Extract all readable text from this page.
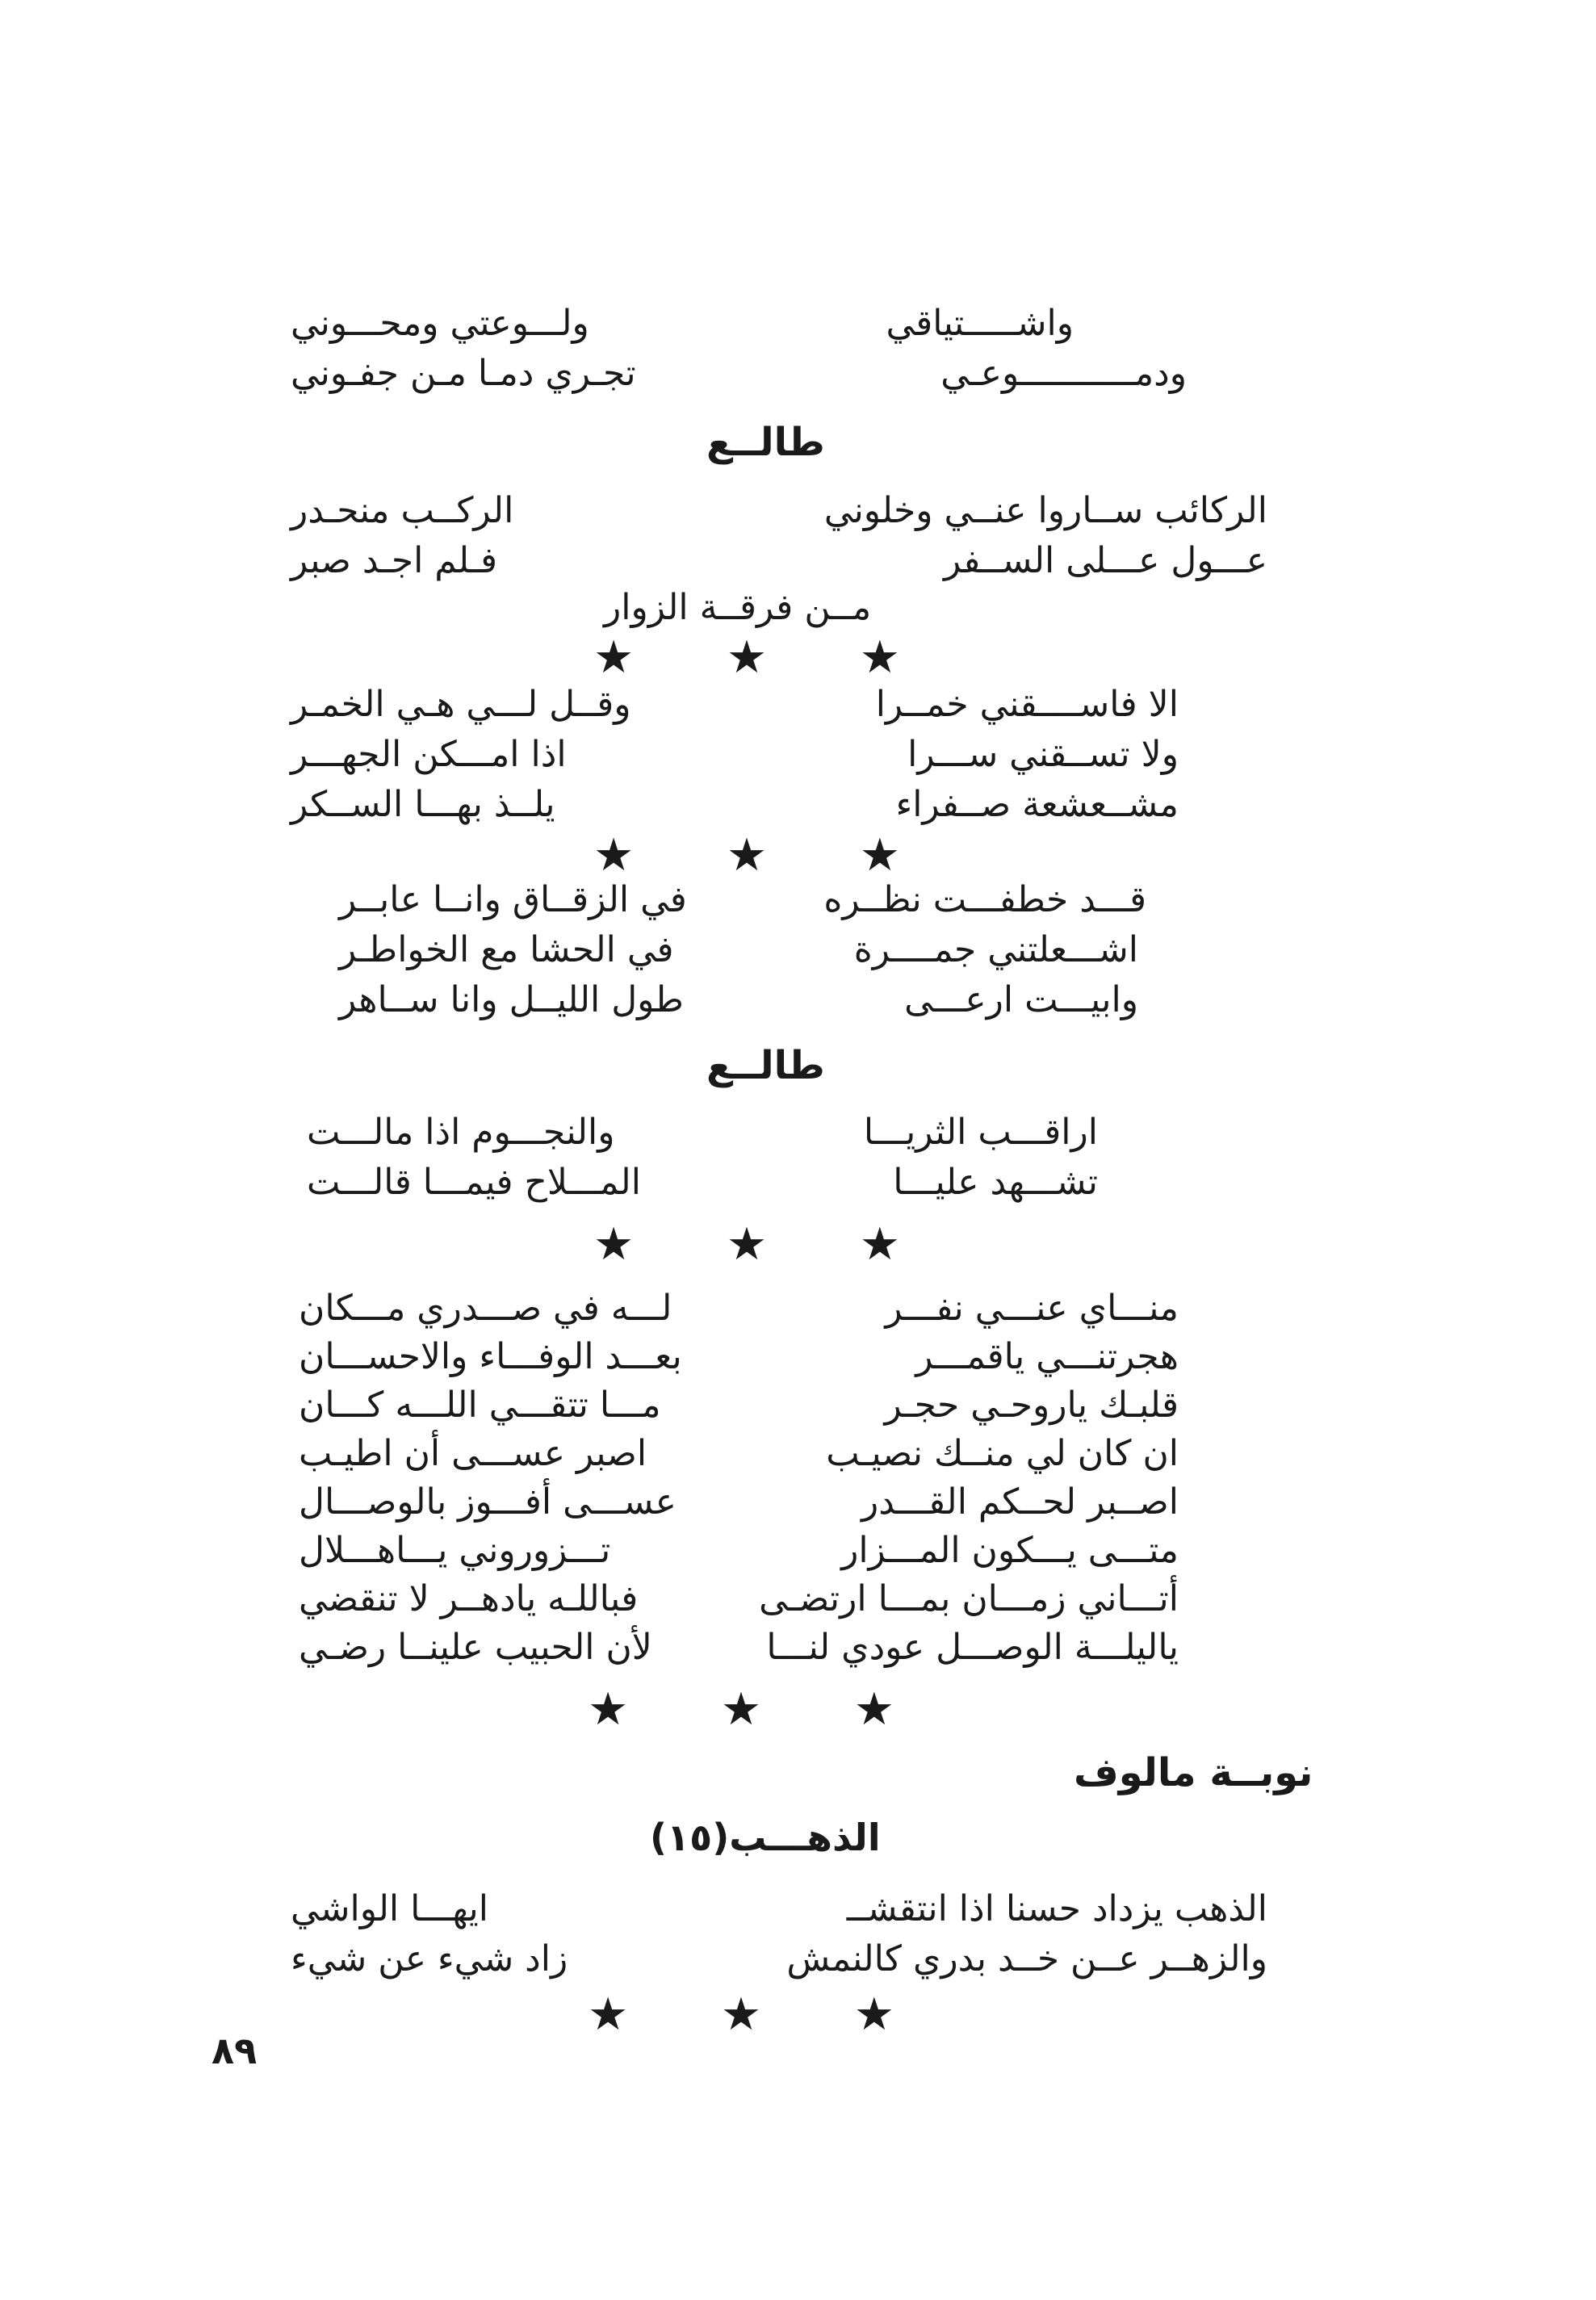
واشـــــتياقي
ولـــوعتي ومحـــوني
ودمـــــــــــوعـي
تجـري دمـا مـن جفـوني
طالــع
الركائب ســاروا عنــي وخلوني
الركــب منحـدر
عـــول عـــلى الســفر
فـلم اجـد صبر
مــن فرقــة الزوار
★ ★ ★
الا فاســــقني خمــرا
وقــل لـــي هـي الخمـر
ولا تســقني ســـرا
اذا امـــكن الجهـــر
مشــعشعة صــفراء
يلــذ بهـــا الســكر
★ ★ ★
قـــد خطفـــت نظــره
في الزقــاق وانــا عابــر
اشـــعلتني جمــــرة
في الحشا مع الخواطـر
وابيـــت ارعـــى
طول الليــل وانا ســاهر
طالــع
اراقـــب الثريـــا
والنجـــوم اذا مالـــت
تشـــهد عليـــا
المـــلاح فيمـــا قالـــت
★ ★ ★
منـــاي عنـــي نفـــر
لـــه في صـــدري مـــكان
هجرتنـــي ياقمـــر
بعـــد الوفـــاء والاحســـان
قلبـك ياروحـي حجـر
مـــا تتقـــي اللـــه كـــان
ان كان لي منــك نصيـب
اصبر عســـى أن اطيـب
اصــبر لحــكم القـــدر
عســـى أفـــوز بالوصـــال
متـــى يـــكون المـــزار
تـــزوروني يـــاهـــلال
أتـــاني زمـــان بمـــا ارتضـى
فباللـه يادهــر لا تنقضي
ياليلـــة الوصـــل عودي لنـــا
لأن الحبيب علينــا رضـي
★ ★ ★
نوبــة مالوف
الذهـــب(١٥)
الذهب يزداد حسنا اذا انتقشــ
ايهـــا الواشي
والزهــر عــن خــد بدري كالنمش
زاد شيء عن شيء
★ ★ ★
٨٩
